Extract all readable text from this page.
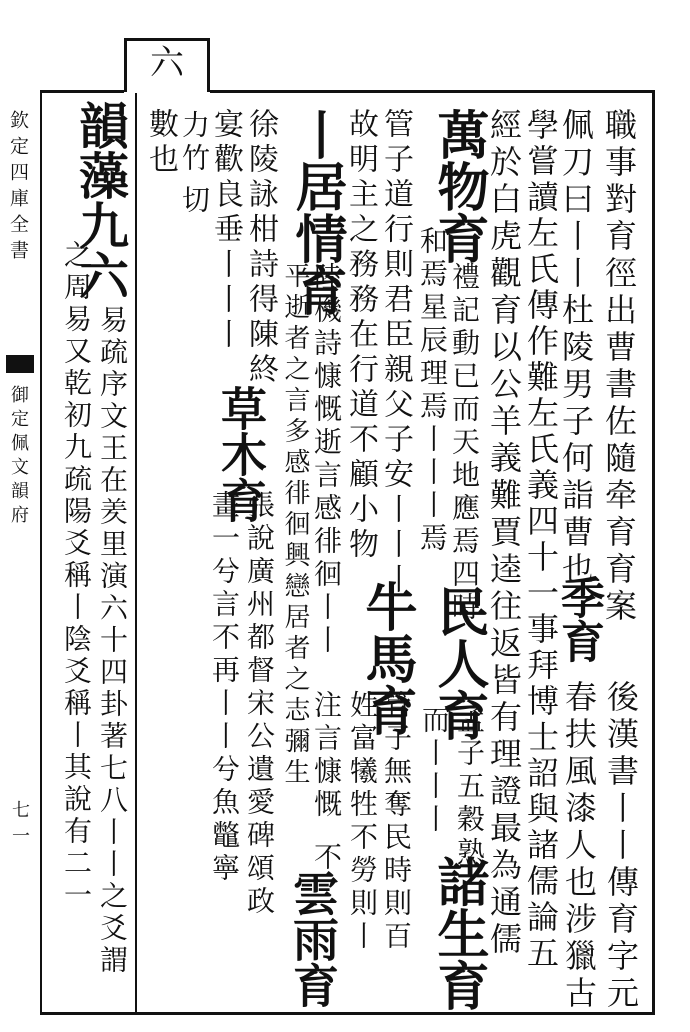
欽定四庫全書
御定佩文韻府
七一
六
職事對育徑出曹書佐隨牵育育案
佩刀曰丨丨杜陵男子何詣曹也
季育
後漢書丨丨傳育字元
學嘗讀左氏傳作難左氏義四十一事拜博士詔與諸儒論五 春扶風漆人也涉獵古
經於白虎觀育以公羊義難賈逵往返皆有理證最為通儒
萬物育
禮記動已而天地應焉四時
和焉星辰理焉丨丨丨焉
民人育
孟子五穀熟
而丨丨丨
諸生育
管子道行則君臣親父子安丨丨丨
牛馬育
管子無奪民時則百
姓富犧牲不勞則丨
故明主之務務在行道不顧小物
丨居情育
陸機詩慷慨逝言感徘徊丨丨
平逝者之言多感徘徊興戀居者之志彌生 注言慷慨
不
雲雨育
徐陵詠柑詩得陳終
草木育
張說廣州都督宋公遺愛碑頌政
畫一兮言不再丨丨兮魚鼈寧
宴歡良垂丨丨丨
力竹
切
數也
韻藻九六
易疏序文王在羑里演六十四卦著七八丨丨之爻謂
之周易又乾初九疏陽爻稱丨陰爻稱丨其說有二一
